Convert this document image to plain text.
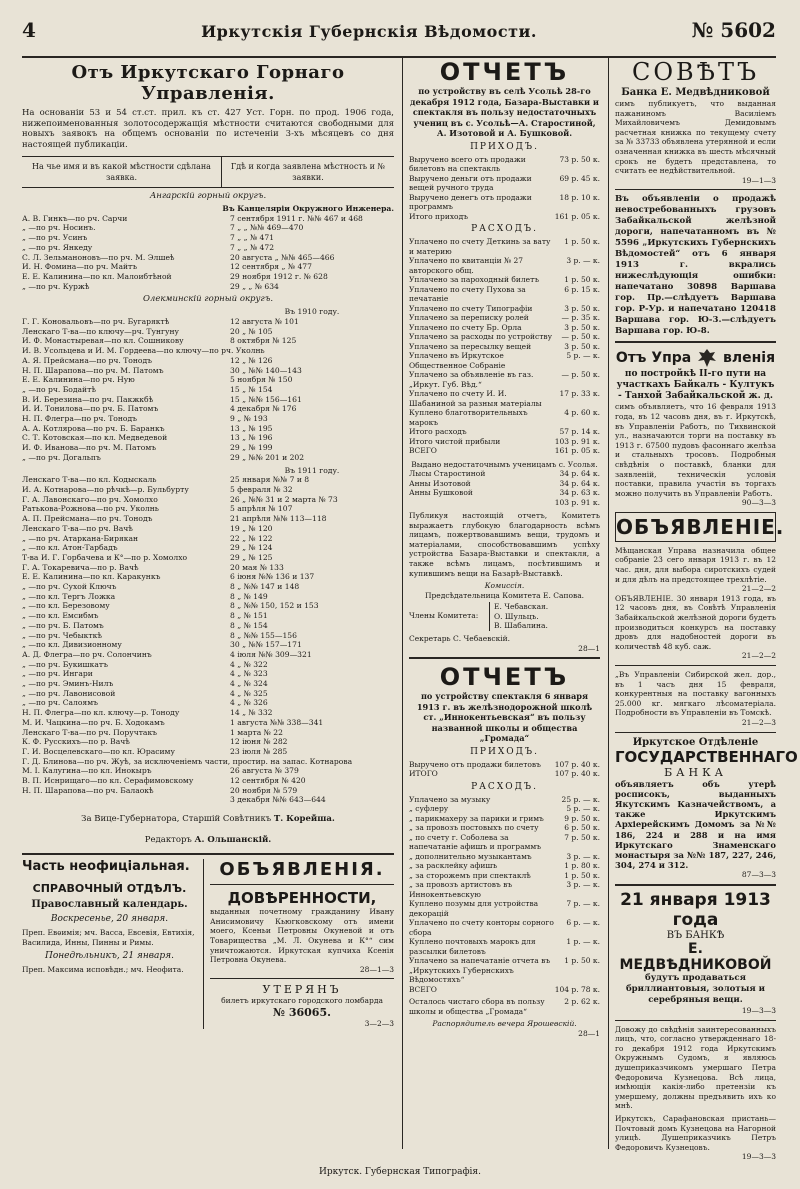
4	Иркутскія Губернскія Вѣдомости.	№ 5602
Отъ Иркутскаго Горнаго Управленія.
На основаніи 53 и 54 ст.ст. прил. къ ст. 427 Уст. Горн. по прод. 1906 года, нижепоименованныя золотосодержащія мѣстности считаются свободными для новыхъ заявокъ на общемъ основаніи по истеченіи 3-хъ мѣсяцевъ со дня настоящей публикаціи.
На чье имя и въ какой мѣстности сдѣлана заявка.
Гдѣ и когда заявлена мѣстность и № заявки.
Ангарскій горный округъ.
Въ Канцеляріи Окружного Инженера.
А. В. Гинкъ—по рч. Сарчи	7 сентября 1911 г. №№ 467 и 468
„ —по рч. Носинъ.	7 „ „ №№ 469—470
„ —по рч. Усинъ	7 „ „ № 471
„ —по рч. Янкеду	7 „ „ № 472
С. Л. Зельманоновъ—по рч. М. Элшеѣ	20 августа „ №№ 465—466
И. Н. Фомина—по рч. Майтъ	12 сентября „ № 477
Е. Е. Калинина—по кл. Малоибтѣной	29 ноября 1912 г. № 628
„ —по рч. Куржѣ	29 „ „ № 634
Олекминскій горный округъ.
Въ 1910 году.
Г. Г. Коновальовъ—по рч. Бугаряктѣ	12 августа № 101
Ленскаго Т-ва—по ключу—рч. Тунгуну	20 „ № 105
И. Ф. Монастыревая—по кл. Сошникову	8 октября № 125
И. В. Усольцева и И. М. Гордеева—по ключу—по рч. Уколнь
А. Я. Прейсмана—по рч. Тонодъ	12 „ № 126
Н. П. Шарапова—по рч. М. Патомъ	30 „ №№ 140—143
Е. Е. Калинина—по рч. Ную	5 ноября № 150
„ —по рч. Бодайтѣ	15 „ № 154
В. И. Березина—по рч. Пакжкбѣ	15 „ №№ 156—161
И. И. Тонилова—по рч. Б. Патомъ	4 декабря № 176
Н. П. Флегра—по рч. Тонодъ	9 „ № 193
А. А. Котлярова—по рч. Б. Баранкъ	13 „ № 195
С. Т. Котовская—по кл. Медведевой	13 „ № 196
И. Ф. Иванова—по рч. М. Патомъ	29 „ № 199
„ —по рч. Догальпъ	29 „ №№ 201 и 202
Въ 1911 году.
Ленскаго Т-ва—по кл. Кодыскаль	25 января №№ 7 и 8
И. А. Котнарова—по рѣчкѣ—р. Бульбурту	5 февраля № 32
Г. А. Лавонскаго—по рч. Хомолхо	26 „ №№ 31 и 2 марта № 73
Ратькова-Рожнова—по рч. Уколнь	5 апрѣля № 107
А. П. Прейсмана—по рч. Тонодъ	21 апрѣля №№ 113—118
Ленскаго Т-ва—по рч. Вачѣ	19 „ № 120
„ —по рч. Атаркана-Бирякан	22 „ № 122
„ —по кл. Атон-Тарбадъ	29 „ № 124
Т-ва И. Г. Горбачева и К°—по р. Хомолхо	29 „ № 125
Г. А. Токаревича—по р. Вачѣ	20 мая № 133
Е. Е. Калинина—по кл. Каракункъ	6 іюня №№ 136 и 137
„ —по рч. Сухой Ключъ	8 „ №№ 147 и 148
„ —по кл. Тергъ Ложка	8 „ № 149
„ —по кл. Березовому	8 „ №№ 150, 152 и 153
„ —по кл. Емсибмъ	8 „ № 151
„ —по рч. Б. Патомъ	8 „ № 154
„ —по рч. Чебыкткѣ	8 „ №№ 155—156
„ —по кл. Дивизионному	30 „ №№ 157—171
А. Д. Флегра—по рч. Солончинъ	4 іюля №№ 309—321
„ —по рч. Букишкатъ	4 „ № 322
„ —по рч. Ингари	4 „ № 323
„ —по рч. Эминъ-Нилъ	4 „ № 324
„ —по рч. Лавонисовой	4 „ № 325
„ —по рч. Салоямъ	4 „ № 326
Н. П. Флегра—по кл. ключу—р. Тоноду	14 „ № 332
М. И. Чацкина—по рч. Б. Ходокамъ	1 августа №№ 338—341
Ленскаго Т-ва—по рч. Поручтакъ	1 марта № 22
К. Ф. Русскихъ—по р. Вачѣ	12 іюня № 282
Г. И. Восцелевскаго—по кл. Юрасиму	23 іюля № 285
Г. Д. Блинова—по рч. Жуѣ, за исключеніемъ части, простир. на запас. Котнарова
М. І. Калугина—по кл. Инокыръ	26 августа № 379
В. П. Иснрищаго—по кл. Серафимовскому	12 сентября № 420
Н. П. Шарапова—по рч. Балаокѣ	20 ноября № 579
3 декабря №№ 643—644
За Вице-Губернатора, Старшій Совѣтникъ Т. Корейша.
Редакторъ А. Ольшанскій.
Часть неофиціальная.
СПРАВОЧНЫЙ ОТДѢЛЪ.
Православный календарь.
Воскресенье, 20 января.
Преп. Евѳимія; мч. Васса, Евсевія, Евтихія, Василида, Инны, Пинны и Римы.
Понедѣльникъ, 21 января.
Преп. Максима исповѣдн.; мч. Неофита.
ОБЪЯВЛЕНІЯ.
ДОВѢРЕННОСТИ,
выданныя почетному гражданину Ивану Анисимовичу Кьюгковскому отъ имени моего, Ксеньи Петровны Окуневой и отъ Товарищества „М. Л. Окунева и К°“ сим уничтожаются. Иркутская купчиха Ксенія Петровна Окунева.
28—1—3
УТЕРЯНЪ
билетъ иркутскаго городского ломбарда
№ 36065.
3—2—3
ОТЧЕТЪ
по устройству въ селѣ Усольѣ 28-го декабря 1912 года, Базара-Выставки и спектакля въ пользу недостаточныхъ учениц въ с. Усольѣ—А. Старостиной, А. Изотовой и А. Бушковой.
ПРИХОДЪ.
Выручено всего отъ продажи билетовъ на спектакль
73 р. 50 к.
Выручено деньги отъ продажи вещей ручного труда
69 р. 45 к.
Выручено денегъ отъ продажи программъ
18 р. 10 к.
Итого приходъ	161 р. 05 к.
РАСХОДЪ.
Уплачено по счету Деткинь за вату и материю
1 р. 50 к.
Уплачено по квитанціи № 27 авторского общ.
3 р. — к.
Уплачено за пароходный билетъ	1 р. 50 к.
Уплачено по счету Пухова за печатаніе
6 р. 15 к.
Уплачено по счету Типографіи	3 р. 50 к.
Уплачено за переписку ролей	— р. 35 к.
Уплачено по счету Бр. Орла	3 р. 50 к.
Уплачено за расходы по устройству	— р. 50 к.
Уплачено за пересылку вещей	3 р. 50 к.
Уплачено въ Иркутское Общественное Собраніе
5 р. — к.
Уплачено за объявленіе въ газ. „Иркут. Губ. Вѣд.“
— р. 50 к.
Уплачено по счету И. И. Шабаниной за разныя матеріалы
17 р. 33 к.
Куплено благотворительныхъ марокъ
4 р. 60 к.
Итого расходъ	57 р. 14 к.
Итого чистой прибыли	103 р. 91 к.
ВСЕГО	161 р. 05 к.
Выдано недостаточнымъ ученицамъ с. Усолья.
Лысы Старостиной	34 р. 64 к.
Анны Изотовой	34 р. 64 к.
Анны Бушковой	34 р. 63 к.
103 р. 91 к.
Публикуя настоящій отчетъ, Комитетъ выражаетъ глубокую благодарность всѣмъ лицамъ, пожертвовавшимъ вещи, трудомъ и матеріалами, способствовавшимъ успѣху устройства Базара-Выставки и спектакля, а также всѣмъ лицамъ, посѣтившимъ и купившимъ вещи на Базарѣ-Выставкѣ.
Комиссія.
Предсѣдательница Комитета Е. Сапова.
Члены Комитета:
Е. Чебавская.
О. Шульцъ.
В. Шабалина.
Секретарь С. Чебаевскій.
28—1
ОТЧЕТЪ
по устройству спектакля 6 января 1913 г. въ желѣзнодорожной школѣ ст. „Иннокентьевская“ въ пользу названной школы и общества „Громада“
ПРИХОДЪ.
Выручено отъ продажи билетовъ	107 р. 40 к.
ИТОГО	107 р. 40 к.
РАСХОДЪ.
Уплачено за музыку	25 р. — к.
„ суфлеру	5 р. — к.
„ парикмахеру за парики и гримъ	9 р. 50 к.
„ за провозъ постовыхъ по счету	6 р. 50 к.
„ по счету г. Соболева за напечатаніе афишъ и программъ
7 р. 50 к.
„ дополнительно музыкантамъ	3 р. — к.
„ за расклейку афишъ	1 р. 80 к.
„ за сторожемъ при спектаклѣ	1 р. 50 к.
„ за провозъ артистовъ въ Иннокентьевскую
3 р. — к.
Куплено позумы для устройства декорацій
7 р. — к.
Уплачено по счету конторы сорного сбора
6 р. — к.
Куплено почтовыхъ марокъ для разсылки билетовъ
1 р. — к.
Уплачено за напечатаніе отчета въ „Иркутскихъ Губернскихъ Вѣдомостяхъ“
1 р. 50 к.
ВСЕГО	104 р. 78 к.
Осталось чистаго сбора въ пользу школы и общества „Громада“
2 р. 62 к.
Распорядитель вечера Ярошевскій.
28—1
СОВѢТЪ
Банка Е. Медвѣдниковой
симъ публикуетъ, что выданная пажаниномъ Василіемъ Михайловичемъ Демидовымъ расчетная книжка по текущему счету за № 33733 объявлена утерянной и если означенная книжка въ шесть мѣсячный срокъ не будетъ представлена, то считать ее недѣйствительной.
19—1—3
Въ объявленіи о продажѣ невостребованныхъ грузовъ Забайкальской желѣзной дороги, напечатанномъ въ № 5596 „Иркутскихъ Губернскихъ Вѣдомостей“ отъ 6 января 1913 г. вкрались нижеслѣдующія ошибки: напечатано 30898 Варшава гор. Пр.—слѣдуетъ Варшава гор. Р-Ур. и напечатано 120418 Варшава гор. Ю-3.—слѣдуетъ Варшава гор. Ю-8.
Отъ Упра вленія
по постройкѣ II-го пути на участкахъ Байкалъ - Култукъ - Танхой Забайкальской ж. д.
симъ объявляетъ, что 16 февраля 1913 года, въ 12 часовъ дня, въ г. Иркутскѣ, въ Управленіи Работъ, по Тихвинской ул., назначаются торги на поставку въ 1913 г. 67500 пудовъ фасоннаго желѣза и стальныхъ тросовъ. Подробныя свѣдѣнія о поставкѣ, бланки для заявленій, техническія условія поставки, правила участія въ торгахъ можно получить въ Управленіи Работъ.
90—3—3
ОБЪЯВЛЕНІЕ.
Мѣщанская Управа назначила общее собраніе 23 сего января 1913 г. въ 12 час. дня, для выбора сиротскихъ судей и для дѣлъ на предстоящее трехлѣтіе.
21—2—2
ОБЪЯВЛЕНІЕ. 30 января 1913 года, въ 12 часовъ дня, въ Совѣтѣ Управленія Забайкальской желѣзной дороги будетъ производиться конкурсъ на поставку дровъ для надобностей дороги въ количествѣ 48 куб. саж.
21—2—2
„Въ Управленіи Сибирской жел. дор., въ 1 часъ дня 15 февраля, конкурентныя на поставку вагонныхъ 25.000 кг. мягкаго лѣсоматеріала. Подробности въ Управленіи въ Томскѣ.
21—2—3
Иркутское Отдѣленіе
ГОСУДАРСТВЕННАГО
БАНКА
объявляетъ объ утерѣ росписокъ, выданныхъ Якутскимъ Казначействомъ, а также Иркутскимъ Архіерейскимъ Домомъ за №№ 186, 224 и 288 и на имя Иркутскаго Знаменскаго монастыря за №№ 187, 227, 246, 304, 274 и 312.
87—3—3
21 января 1913 года
ВЪ БАНКѢ
Е. МЕДВѢДНИКОВОЙ
будутъ продаваться бриллиантовыя, золотыя и серебряныя вещи.
19—3—3
Довожу до свѣдѣнія заинтересованныхъ лицъ, что, согласно утвержденнаго 18-го декабря 1912 года Иркутскимъ Окружнымъ Судомъ, я являюсь душеприказчикомъ умершаго Петра Федоровича Кузнецова. Всѣ лица, имѣющія какія-либо претензіи къ умершему, должны предъявить ихъ ко мнѣ.
Иркутскъ, Сарафановская пристань—Почтовый домъ Кузнецова на Нагорной улицѣ. Душеприказчикъ Петръ Федоровичъ Кузнецовъ.
19—3—3
Иркутск. Губернская Типографія.
